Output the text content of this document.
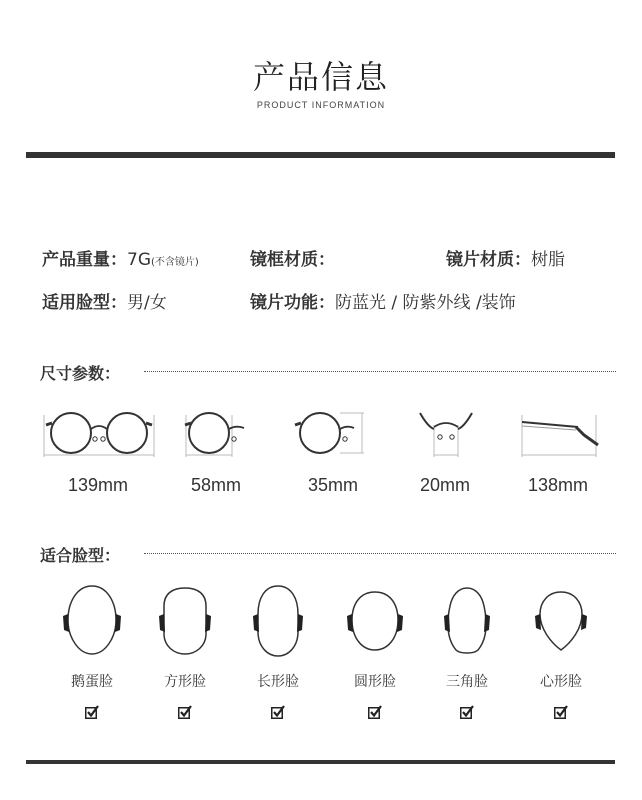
产品信息
PRODUCT INFORMATION
产品重量：7G(不含镜片)	镜框材质：	镜片材质：树脂
适用脸型：男/女	镜片功能：防蓝光 / 防紫外线 /装饰
尺寸参数：
139mm	58mm	35mm	20mm	138mm
适合脸型：
鹅蛋脸	方形脸	长形脸	圆形脸	三角脸	心形脸
